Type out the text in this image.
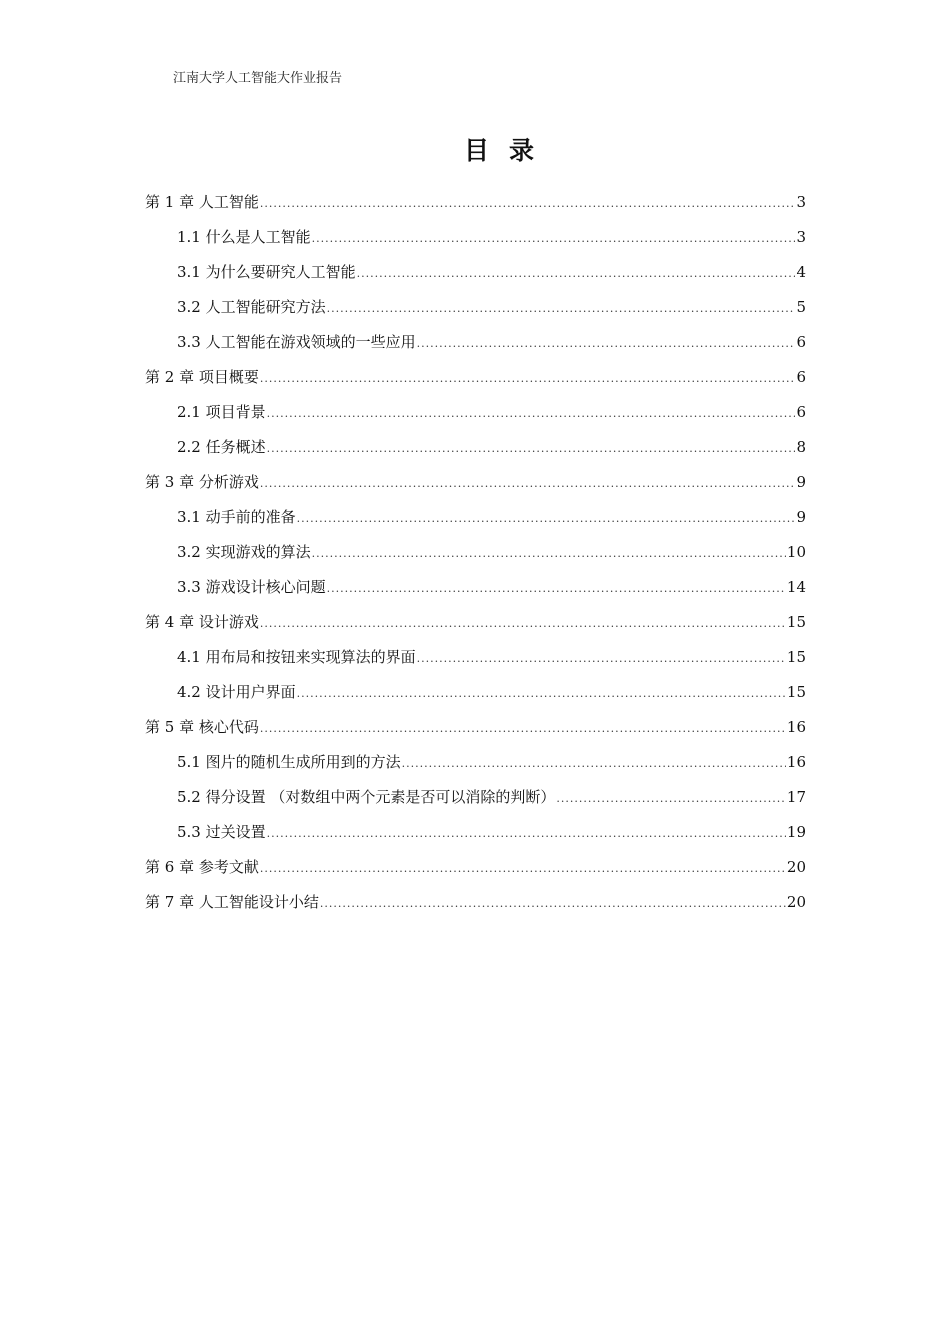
江南大学人工智能大作业报告
目录
第 1 章 人工智能 .....	3
1.1 什么是人工智能 .....	3
3.1 为什么要研究人工智能 .....	4
3.2 人工智能研究方法 .....	5
3.3 人工智能在游戏领域的一些应用 .....	6
第 2 章 项目概要 .....	6
2.1 项目背景 .....	6
2.2 任务概述 .....	8
第 3 章 分析游戏 .....	9
3.1 动手前的准备 .....	9
3.2 实现游戏的算法 .....	10
3.3 游戏设计核心问题 .....	14
第 4 章 设计游戏 .....	15
4.1 用布局和按钮来实现算法的界面 .....	15
4.2 设计用户界面 .....	15
第 5 章 核心代码 .....	16
5.1 图片的随机生成所用到的方法 .....	16
5.2 得分设置 （对数组中两个元素是否可以消除的判断） .....	17
5.3 过关设置 .....	19
第 6 章 参考文献 .....	20
第 7 章 人工智能设计小结 .....	20
